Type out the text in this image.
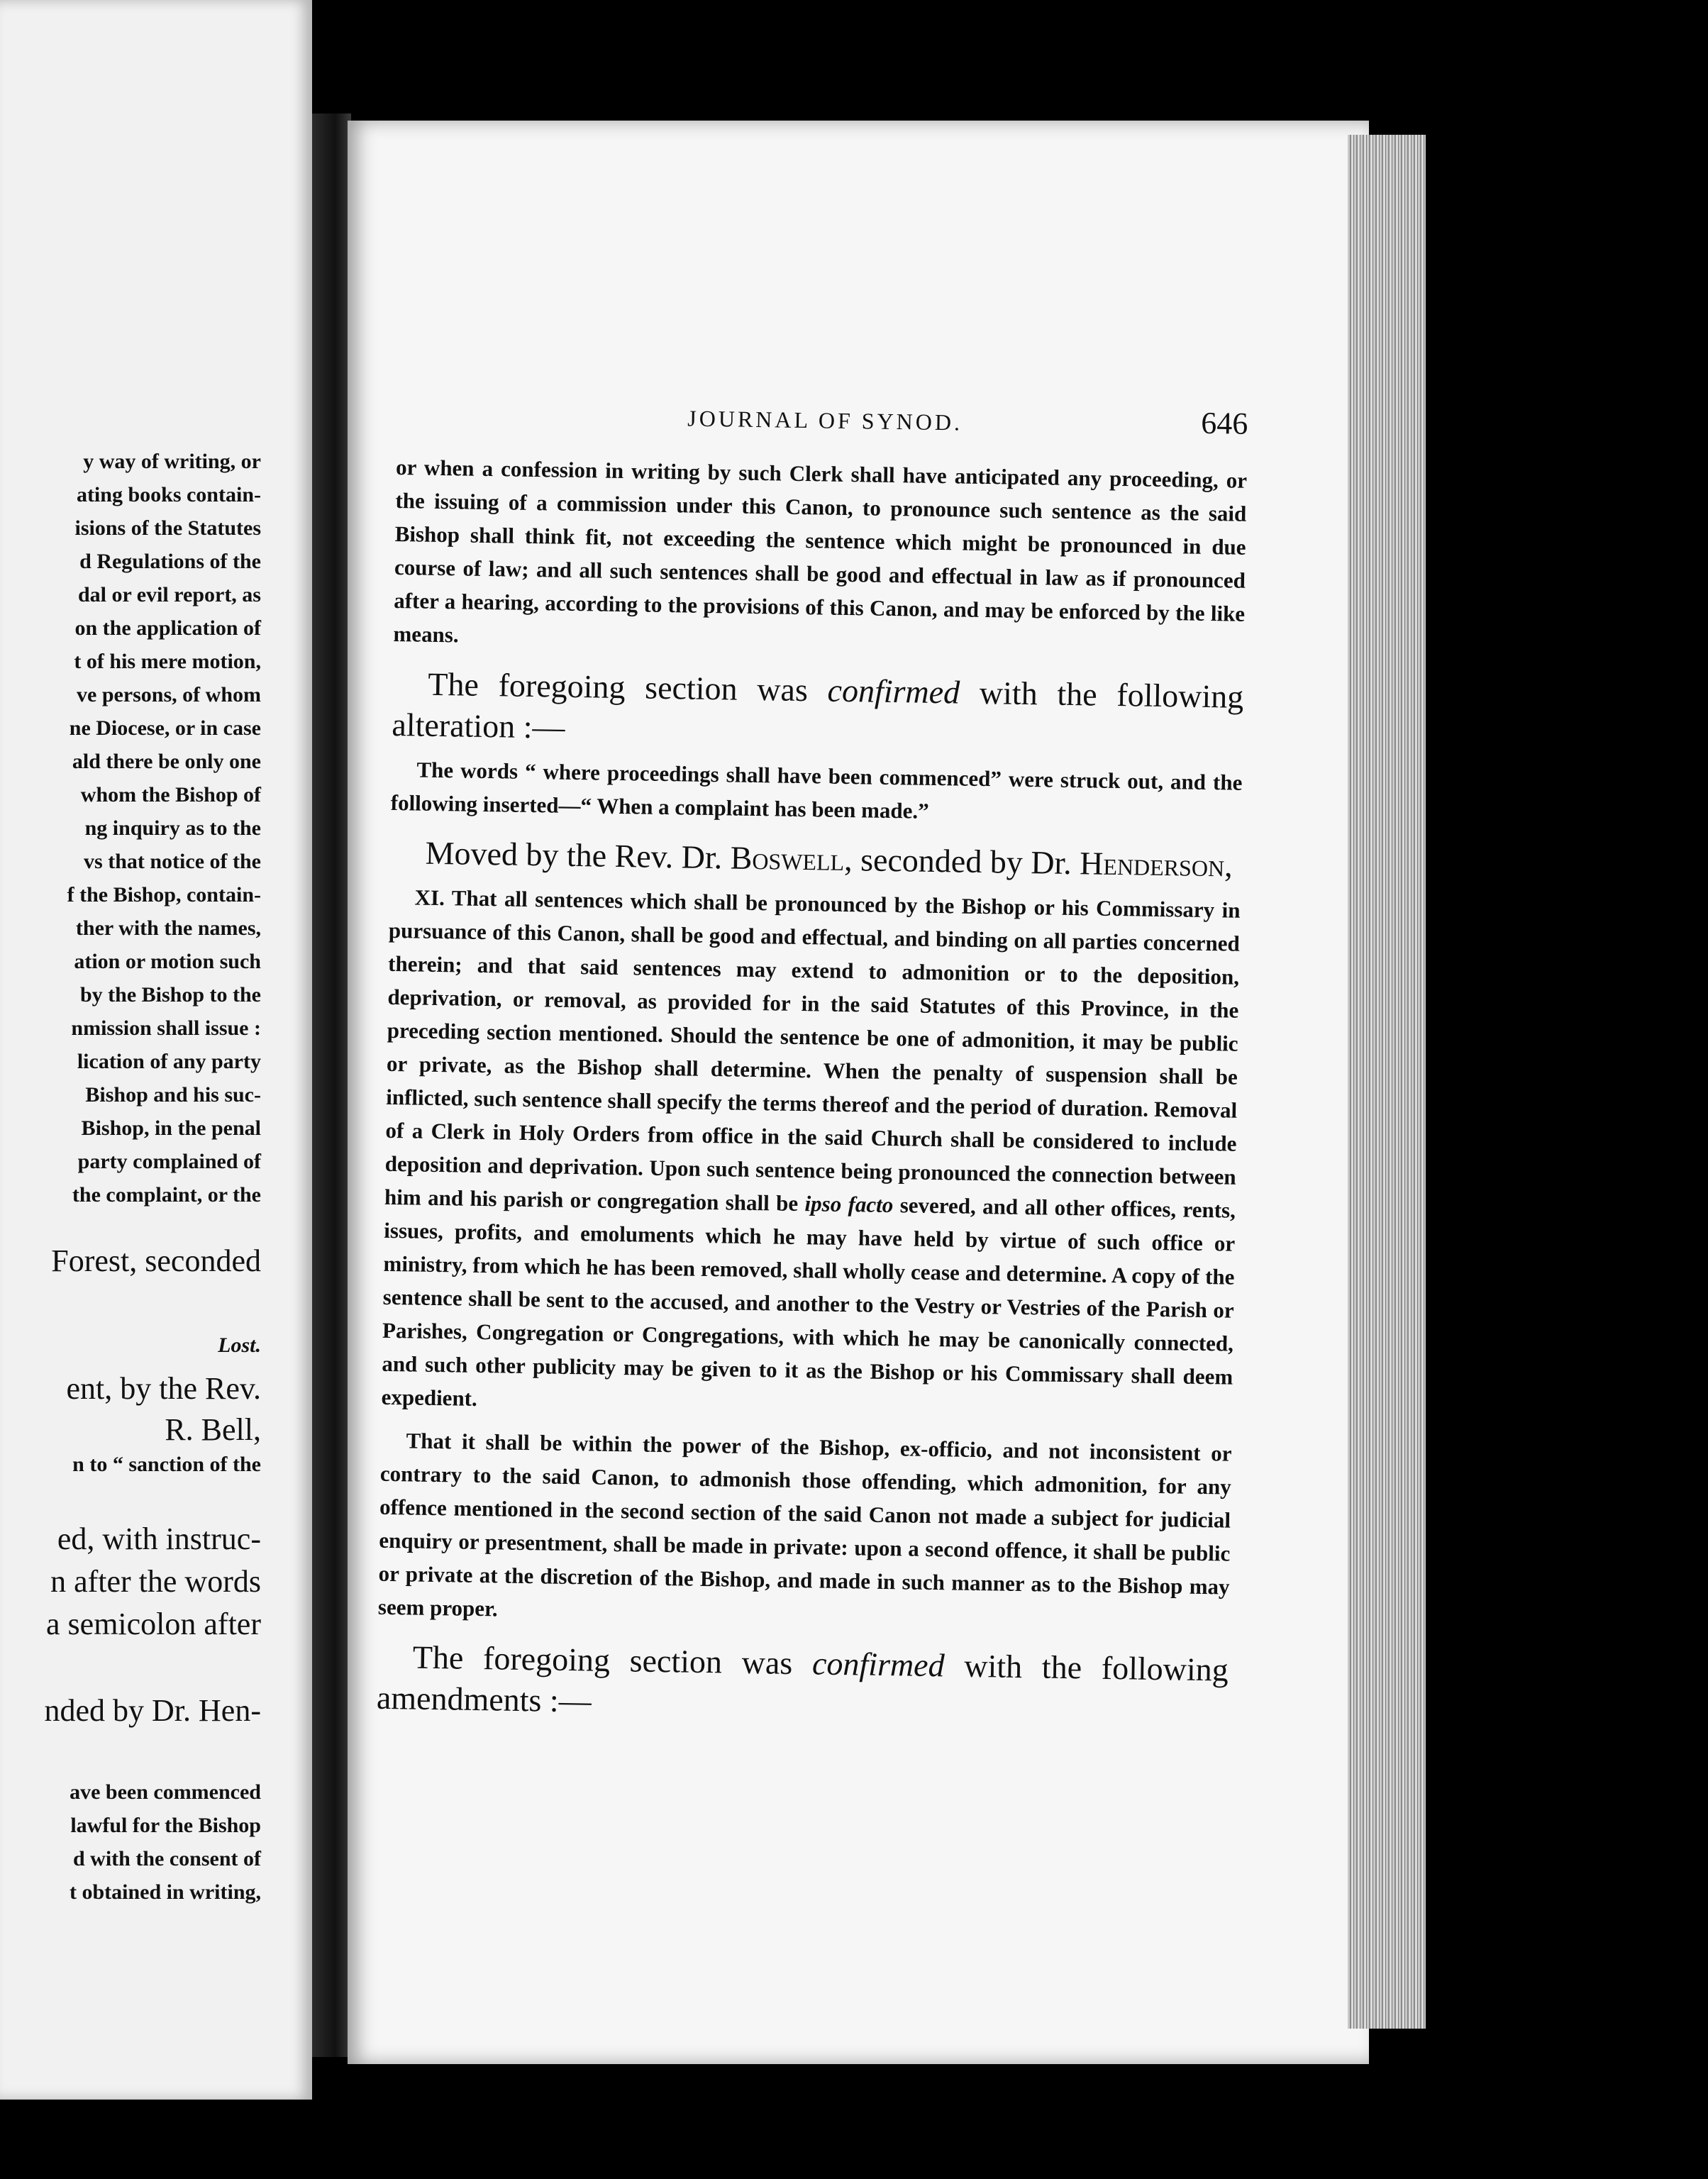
y way of writing, or
ating books contain-
isions of the Statutes
d Regulations of the
dal or evil report, as
on the application of
t of his mere motion,
ve persons, of whom
ne Diocese, or in case
ald there be only one
whom the Bishop of
ng inquiry as to the
vs that notice of the
f the Bishop, contain-
ther with the names,
ation or motion such
by the Bishop to the
nmission shall issue :
lication of any party
Bishop and his suc-
Bishop, in the penal
party complained of
the complaint, or the
Forest, seconded
Lost.
ent, by the Rev.
R. Bell,
n to “ sanction of the
ed, with instruc-
n after the words
a semicolon after
nded by Dr. Hen-
ave been commenced
lawful for the Bishop
d with the consent of
t obtained in writing,
JOURNAL OF SYNOD.	646

or when a confession in writing by such Clerk shall have anticipated any proceeding, or the issuing of a commission under this Canon, to pronounce such sentence as the said Bishop shall think fit, not exceeding the sentence which might be pronounced in due course of law; and all such sentences shall be good and effectual in law as if pronounced after a hearing, according to the provisions of this Canon, and may be enforced by the like means.

The foregoing section was confirmed with the following alteration :—

The words “ where proceedings shall have been commenced” were struck out, and the following inserted—“ When a complaint has been made.”

Moved by the Rev. Dr. Boswell, seconded by Dr. Henderson,

XI. That all sentences which shall be pronounced by the Bishop or his Commissary in pursuance of this Canon, shall be good and effectual, and binding on all parties concerned therein; and that said sentences may extend to admonition or to the deposition, deprivation, or removal, as provided for in the said Statutes of this Province, in the preceding section mentioned. Should the sentence be one of admonition, it may be public or private, as the Bishop shall determine. When the penalty of suspension shall be inflicted, such sentence shall specify the terms thereof and the period of duration. Removal of a Clerk in Holy Orders from office in the said Church shall be considered to include deposition and deprivation. Upon such sentence being pronounced the connection between him and his parish or congregation shall be ipso facto severed, and all other offices, rents, issues, profits, and emoluments which he may have held by virtue of such office or ministry, from which he has been removed, shall wholly cease and determine. A copy of the sentence shall be sent to the accused, and another to the Vestry or Vestries of the Parish or Parishes, Congregation or Congregations, with which he may be canonically connected, and such other publicity may be given to it as the Bishop or his Commissary shall deem expedient.

That it shall be within the power of the Bishop, ex-officio, and not inconsistent or contrary to the said Canon, to admonish those offending, which admonition, for any offence mentioned in the second section of the said Canon not made a subject for judicial enquiry or presentment, shall be made in private: upon a second offence, it shall be public or private at the discretion of the Bishop, and made in such manner as to the Bishop may seem proper.

The foregoing section was confirmed with the following amendments :—
